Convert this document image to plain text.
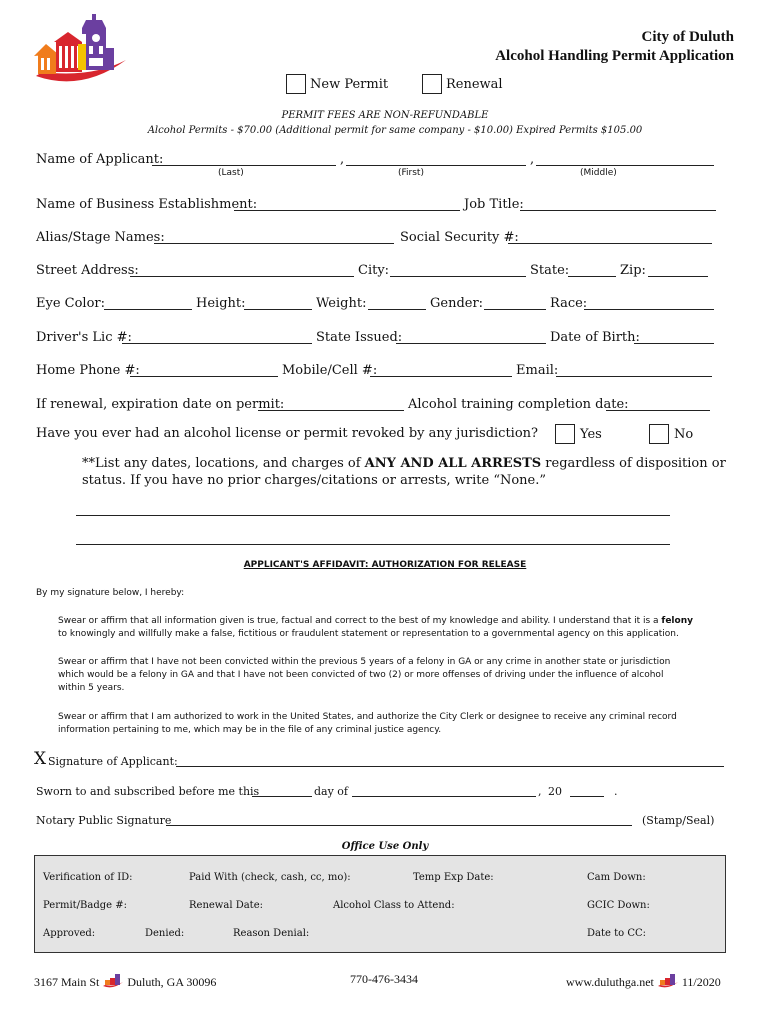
City of Duluth
Alcohol Handling Permit Application
New Permit	Renewal
PERMIT FEES ARE NON-REFUNDABLE
Alcohol Permits - $70.00 (Additional permit for same company - $10.00) Expired Permits $105.00
Name of Applicant:	,	,
(Last)	(First)	(Middle)
Name of Business Establishment:	Job Title:
Alias/Stage Names:	Social Security #:
Street Address:	City:	State:	Zip:
Eye Color:	Height:	Weight:	Gender:	Race:
Driver's Lic #:	State Issued:	Date of Birth:
Home Phone #:	Mobile/Cell #:	Email:
If renewal, expiration date on permit:	Alcohol training completion date:
Have you ever had an alcohol license or permit revoked by any jurisdiction?	Yes	No
**List any dates, locations, and charges of ANY AND ALL ARRESTS regardless of disposition or
status. If you have no prior charges/citations or arrests, write “None.”
APPLICANT'S AFFIDAVIT: AUTHORIZATION FOR RELEASE
By my signature below, I hereby:
Swear or affirm that all information given is true, factual and correct to the best of my knowledge and ability. I understand that it is a felony
to knowingly and willfully make a false, fictitious or fraudulent statement or representation to a governmental agency on this application.
Swear or affirm that I have not been convicted within the previous 5 years of a felony in GA or any crime in another state or jurisdiction
which would be a felony in GA and that I have not been convicted of two (2) or more offenses of driving under the influence of alcohol
within 5 years.
Swear or affirm that I am authorized to work in the United States, and authorize the City Clerk or designee to receive any criminal record
information pertaining to me, which may be in the file of any criminal justice agency.
X Signature of Applicant:
Sworn to and subscribed before me this	day of	, 20	.
Notary Public Signature	(Stamp/Seal)
Office Use Only
Verification of ID:	Paid With (check, cash, cc, mo):	Temp Exp Date:	Cam Down:
Permit/Badge #:	Renewal Date:	Alcohol Class to Attend:	GCIC Down:
Approved:	Denied:	Reason Denial:	Date to CC:
3167 Main St Duluth, GA 30096	770-476-3434	www.duluthga.net 11/2020
